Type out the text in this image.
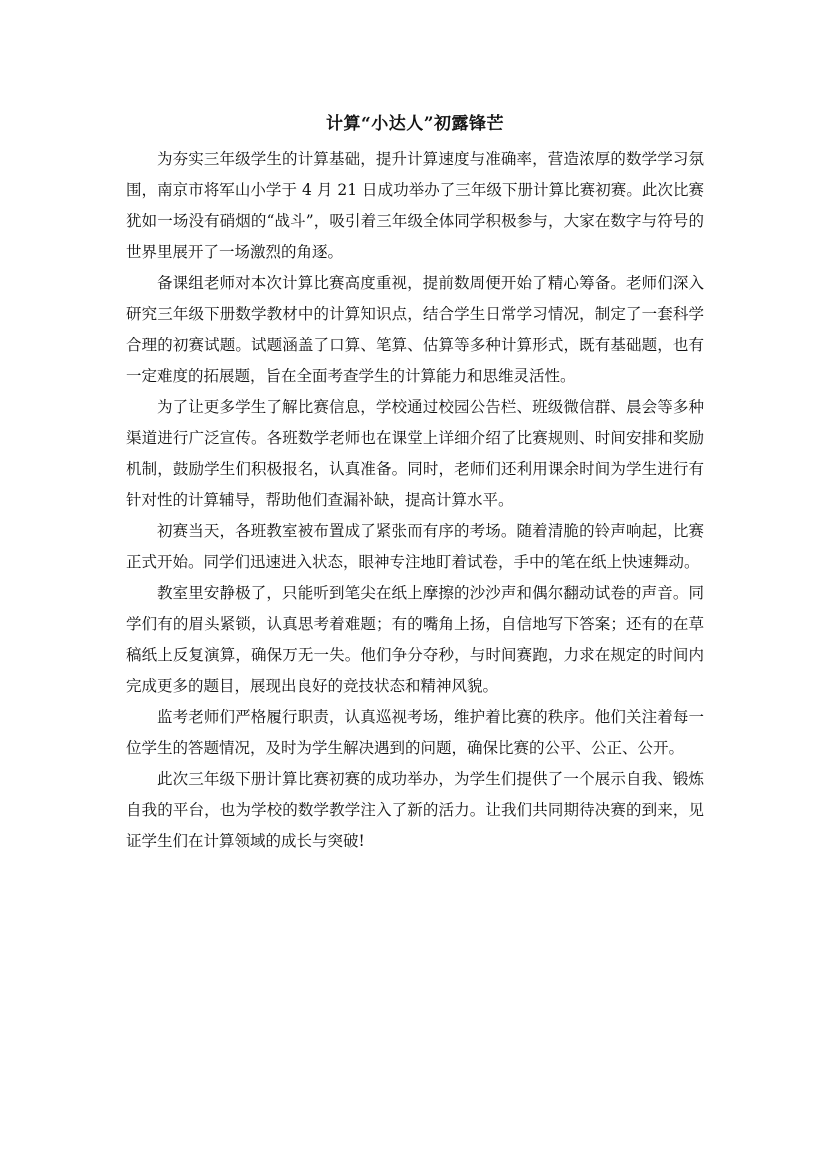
计算“小达人”初露锋芒

为夯实三年级学生的计算基础，提升计算速度与准确率，营造浓厚的数学学习氛围，南京市将军山小学于 4 月 21 日成功举办了三年级下册计算比赛初赛。此次比赛犹如一场没有硝烟的“战斗”，吸引着三年级全体同学积极参与，大家在数字与符号的世界里展开了一场激烈的角逐。

备课组老师对本次计算比赛高度重视，提前数周便开始了精心筹备。老师们深入研究三年级下册数学教材中的计算知识点，结合学生日常学习情况，制定了一套科学合理的初赛试题。试题涵盖了口算、笔算、估算等多种计算形式，既有基础题，也有一定难度的拓展题，旨在全面考查学生的计算能力和思维灵活性。

为了让更多学生了解比赛信息，学校通过校园公告栏、班级微信群、晨会等多种渠道进行广泛宣传。各班数学老师也在课堂上详细介绍了比赛规则、时间安排和奖励机制，鼓励学生们积极报名，认真准备。同时，老师们还利用课余时间为学生进行有针对性的计算辅导，帮助他们查漏补缺，提高计算水平。

初赛当天，各班教室被布置成了紧张而有序的考场。随着清脆的铃声响起，比赛正式开始。同学们迅速进入状态，眼神专注地盯着试卷，手中的笔在纸上快速舞动。

教室里安静极了，只能听到笔尖在纸上摩擦的沙沙声和偶尔翻动试卷的声音。同学们有的眉头紧锁，认真思考着难题；有的嘴角上扬，自信地写下答案；还有的在草稿纸上反复演算，确保万无一失。他们争分夺秒，与时间赛跑，力求在规定的时间内完成更多的题目，展现出良好的竞技状态和精神风貌。

监考老师们严格履行职责，认真巡视考场，维护着比赛的秩序。他们关注着每一位学生的答题情况，及时为学生解决遇到的问题，确保比赛的公平、公正、公开。

此次三年级下册计算比赛初赛的成功举办，为学生们提供了一个展示自我、锻炼自我的平台，也为学校的数学教学注入了新的活力。让我们共同期待决赛的到来，见证学生们在计算领域的成长与突破!
